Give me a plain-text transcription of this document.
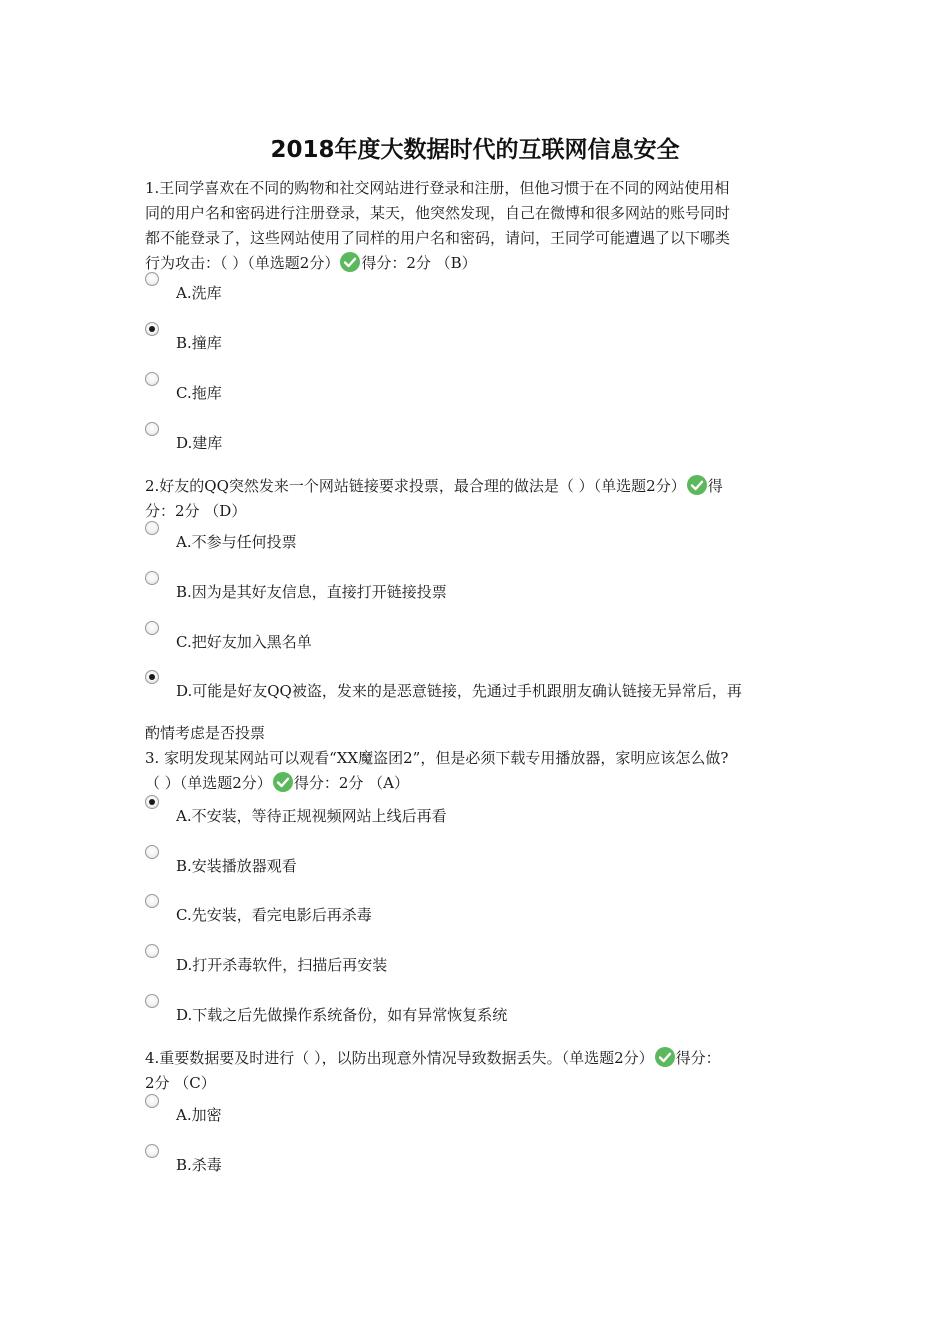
2018年度大数据时代的互联网信息安全
1.王同学喜欢在不同的购物和社交网站进行登录和注册，但他习惯于在不同的网站使用相
同的用户名和密码进行注册登录，某天，他突然发现，自己在微博和很多网站的账号同时
都不能登录了，这些网站使用了同样的用户名和密码，请问，王同学可能遭遇了以下哪类
行为攻击：（ ）（单选题2分） 得分：2分 （B）
A.洗库
B.撞库
C.拖库
D.建库
2.好友的QQ突然发来一个网站链接要求投票，最合理的做法是（ ）（单选题2分） 得
分：2分 （D）
A.不参与任何投票
B.因为是其好友信息，直接打开链接投票
C.把好友加入黑名单
D.可能是好友QQ被盗，发来的是恶意链接，先通过手机跟朋友确认链接无异常后，再
酌情考虑是否投票
3. 家明发现某网站可以观看“XX魔盗团2”，但是必须下载专用播放器，家明应该怎么做?
（ ）（单选题2分） 得分：2分 （A）
A.不安装，等待正规视频网站上线后再看
B.安装播放器观看
C.先安装，看完电影后再杀毒
D.打开杀毒软件，扫描后再安装
D.下载之后先做操作系统备份，如有异常恢复系统
4.重要数据要及时进行（ ），以防出现意外情况导致数据丢失。（单选题2分） 得分：
2分 （C）
A.加密
B.杀毒
